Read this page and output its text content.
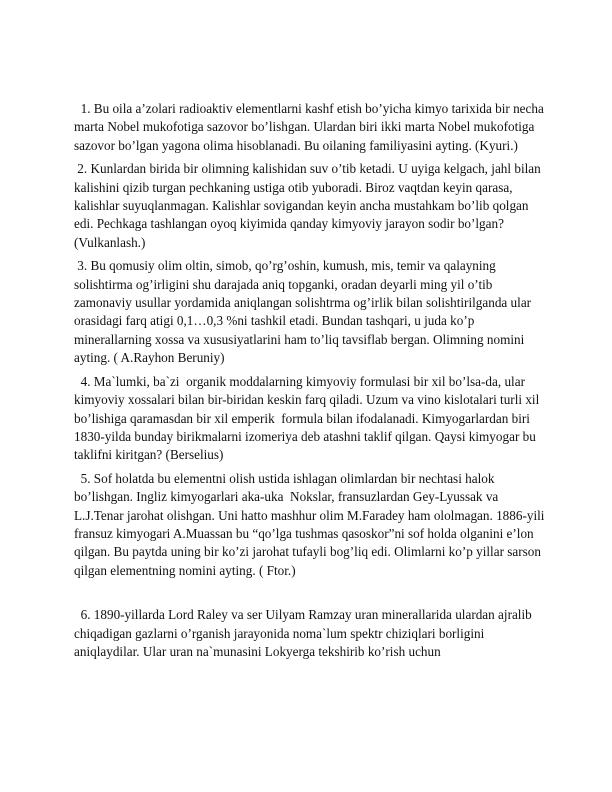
1. Bu oila a’zolari radioaktiv elementlarni kashf etish bo’yicha kimyo tarixida bir necha marta Nobel mukofotiga sazovor bo’lishgan. Ulardan biri ikki marta Nobel mukofotiga sazovor bo’lgan yagona olima hisoblanadi. Bu oilaning familiyasini ayting. (Kyuri.)

2. Kunlardan birida bir olimning kalishidan suv o’tib ketadi. U uyiga kelgach, jahl bilan kalishini qizib turgan pechkaning ustiga otib yuboradi. Biroz vaqtdan keyin qarasa, kalishlar suyuqlanmagan. Kalishlar sovigandan keyin ancha mustahkam bo’lib qolgan edi. Pechkaga tashlangan oyoq kiyimida qanday kimyoviy jarayon sodir bo’lgan? (Vulkanlash.)

3. Bu qomusiy olim oltin, simob, qo’rg’oshin, kumush, mis, temir va qalayning solishtirma og’irligini shu darajada aniq topganki, oradan deyarli ming yil o’tib zamonaviy usullar yordamida aniqlangan solishtrma og’irlik bilan solishtirilganda ular orasidagi farq atigi 0,1…0,3 %ni tashkil etadi. Bundan tashqari, u juda ko’p minerallarning xossa va xususiyatlarini ham to’liq tavsiflab bergan. Olimning nomini ayting. ( A.Rayhon Beruniy)

4. Ma`lumki, ba`zi  organik moddalarning kimyoviy formulasi bir xil bo’lsa-da, ular kimyoviy xossalari bilan bir-biridan keskin farq qiladi. Uzum va vino kislotalari turli xil bo’lishiga qaramasdan bir xil emperik  formula bilan ifodalanadi. Kimyogarlardan biri 1830-yilda bunday birikmalarni izomeriya deb atashni taklif qilgan. Qaysi kimyogar bu taklifni kiritgan? (Berselius)

5. Sof holatda bu elementni olish ustida ishlagan olimlardan bir nechtasi halok bo’lishgan. Ingliz kimyogarlari aka-uka  Nokslar, fransuzlardan Gey-Lyussak va L.J.Tenar jarohat olishgan. Uni hatto mashhur olim M.Faradey ham ololmagan. 1886-yili fransuz kimyogari A.Muassan bu “qo’lga tushmas qasoskor”ni sof holda olganini e’lon qilgan. Bu paytda uning bir ko’zi jarohat tufayli bog’liq edi. Olimlarni ko’p yillar sarson qilgan elementning nomini ayting. ( Ftor.)

6. 1890-yillarda Lord Raley va ser Uilyam Ramzay uran minerallarida ulardan ajralib chiqadigan gazlarni o’rganish jarayonida noma`lum spektr chiziqlari borligini aniqlaydilar. Ular uran na`munasini Lokyerga tekshirib ko’rish uchun
